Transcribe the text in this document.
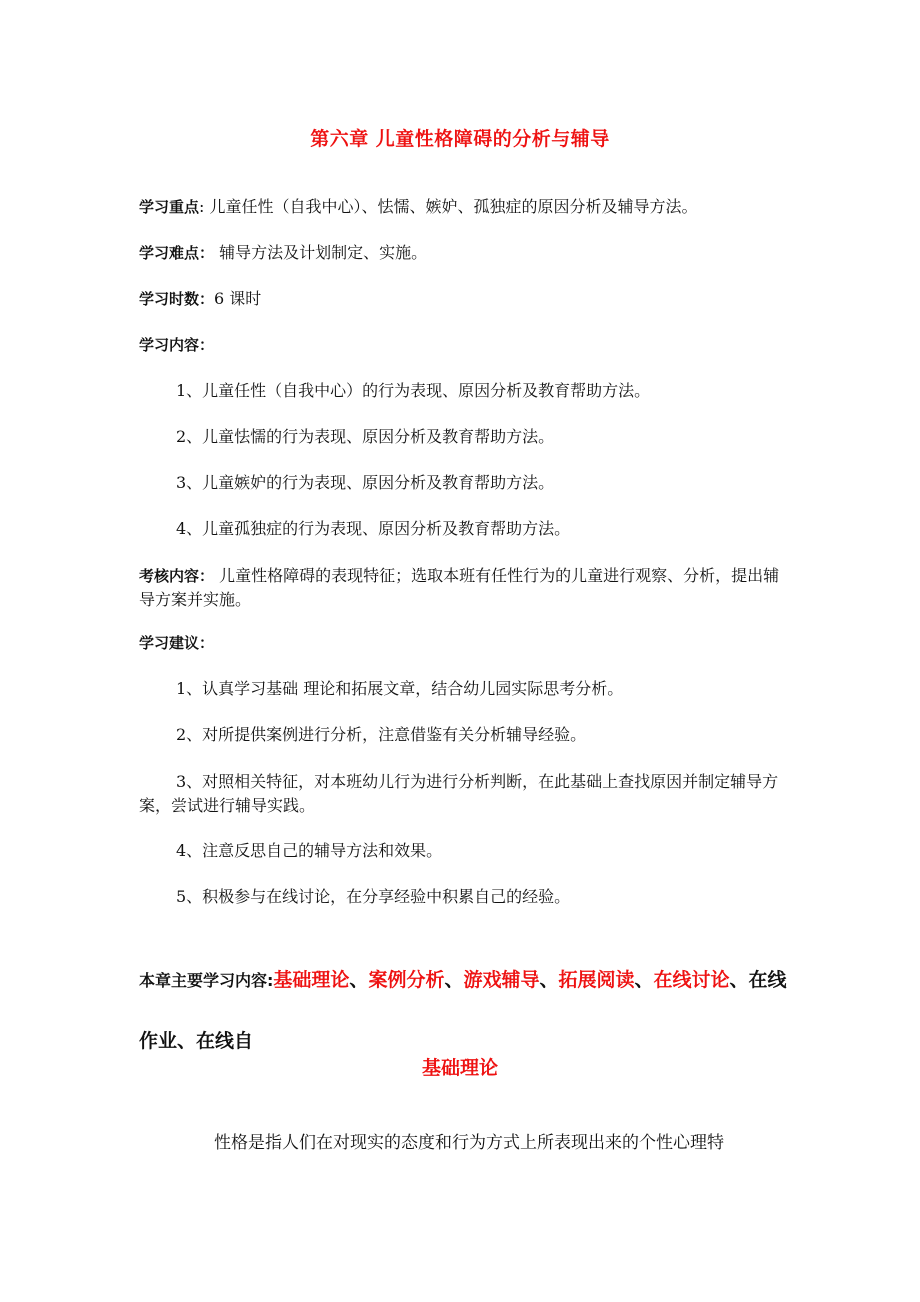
第六章 儿童性格障碍的分析与辅导
学习重点: 儿童任性（自我中心）、怯懦、嫉妒、孤独症的原因分析及辅导方法。
学习难点： 辅导方法及计划制定、实施。
学习时数：6 课时
学习内容：
1、儿童任性（自我中心）的行为表现、原因分析及教育帮助方法。
2、儿童怯懦的行为表现、原因分析及教育帮助方法。
3、儿童嫉妒的行为表现、原因分析及教育帮助方法。
4、儿童孤独症的行为表现、原因分析及教育帮助方法。
考核内容： 儿童性格障碍的表现特征；选取本班有任性行为的儿童进行观察、分析，提出辅导方案并实施。
学习建议：
1、认真学习基础 理论和拓展文章，结合幼儿园实际思考分析。
2、对所提供案例进行分析，注意借鉴有关分析辅导经验。
3、对照相关特征，对本班幼儿行为进行分析判断，在此基础上查找原因并制定辅导方案，尝试进行辅导实践。
4、注意反思自己的辅导方法和效果。
5、积极参与在线讨论，在分享经验中积累自己的经验。
本章主要学习内容:基础理论、案例分析、游戏辅导、拓展阅读、在线讨论、在线作业、在线自
基础理论
性格是指人们在对现实的态度和行为方式上所表现出来的个性心理特
